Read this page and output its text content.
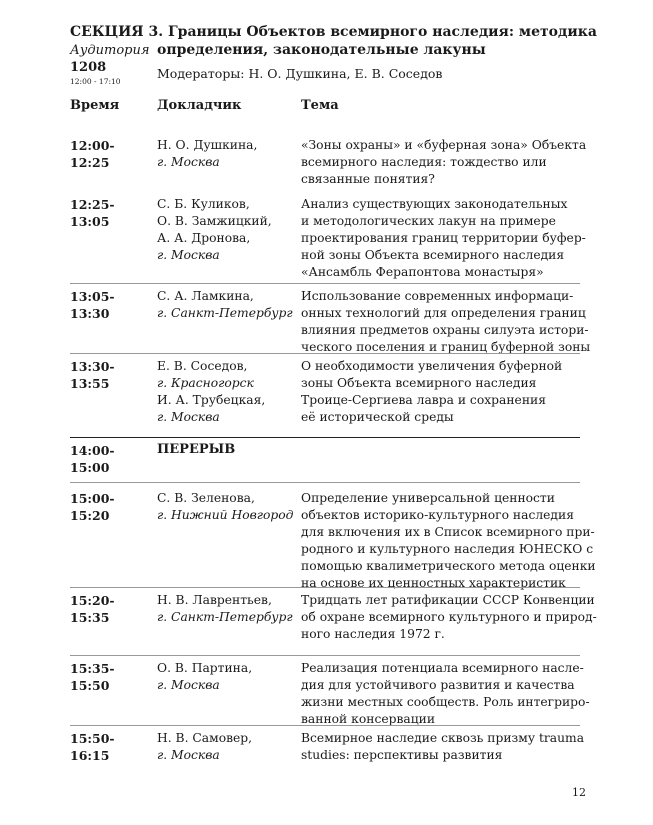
СЕКЦИЯ 3. Границы Объектов всемирного наследия: методика
определения, законодательные лакуны
Аудитория
1208
12:00 - 17:10
Модераторы: Н. О. Душкина, Е. В. Соседов
Время	Докладчик	Тема
12:00-
12:25
Н. О. Душкина,
г. Москва
«Зоны охраны» и «буферная зона» Объекта
всемирного наследия: тождество или
связанные понятия?
12:25-
13:05
С. Б. Куликов,
О. В. Замжицкий,
А. А. Дронова,
г. Москва
Анализ существующих законодательных
и методологических лакун на примере
проектирования границ территории буфер-
ной зоны Объекта всемирного наследия
«Ансамбль Ферапонтова монастыря»
13:05-
13:30
С. А. Ламкина,
г. Санкт-Петербург
Использование современных информаци-
онных технологий для определения границ
влияния предметов охраны силуэта истори-
ческого поселения и границ буферной зоны
13:30-
13:55
Е. В. Соседов,
г. Красногорск
И. А. Трубецкая,
г. Москва
О необходимости увеличения буферной
зоны Объекта всемирного наследия
Троице-Сергиева лавра и сохранения
её исторической среды
14:00-
15:00
ПЕРЕРЫВ
15:00-
15:20
С. В. Зеленова,
г. Нижний Новгород
Определение универсальной ценности
объектов историко-культурного наследия
для включения их в Список всемирного при-
родного и культурного наследия ЮНЕСКО с
помощью квалиметрического метода оценки
на основе их ценностных характеристик
15:20-
15:35
Н. В. Лаврентьев,
г. Санкт-Петербург
Тридцать лет ратификации СССР Конвенции
об охране всемирного культурного и природ-
ного наследия 1972 г.
15:35-
15:50
О. В. Партина,
г. Москва
Реализация потенциала всемирного насле-
дия для устойчивого развития и качества
жизни местных сообществ. Роль интегриро-
ванной консервации
15:50-
16:15
Н. В. Самовер,
г. Москва
Всемирное наследие сквозь призму trauma
studies: перспективы развития
12
